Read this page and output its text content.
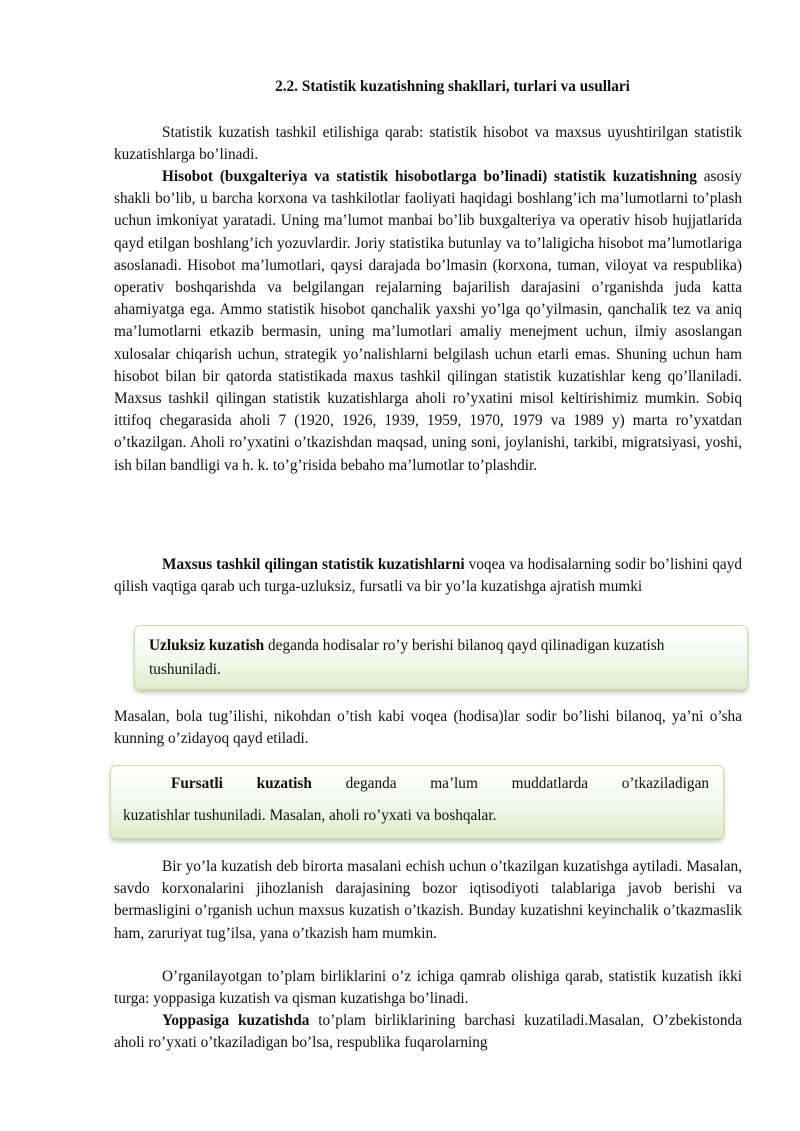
2.2. Statistik kuzatishning shakllari, turlari va usullari

Statistik kuzatish tashkil etilishiga qarab: statistik hisobot va maxsus uyushtirilgan statistik kuzatishlarga bo’linadi.

Hisobot (buxgalteriya va statistik hisobotlarga bo’linadi) statistik kuzatishning asosiy shakli bo’lib, u barcha korxona va tashkilotlar faoliyati haqidagi boshlang’ich ma’lumotlarni to’plash uchun imkoniyat yaratadi. Uning ma’lumot manbai bo’lib buxgalteriya va operativ hisob hujjatlarida qayd etilgan boshlang’ich yozuvlardir. Joriy statistika butunlay va to’laligicha hisobot ma’lumotlariga asoslanadi. Hisobot ma’lumotlari, qaysi darajada bo’lmasin (korxona, tuman, viloyat va respublika) operativ boshqarishda va belgilangan rejalarning bajarilish darajasini o’rganishda juda katta ahamiyatga ega. Ammo statistik hisobot qanchalik yaxshi yo’lga qo’yilmasin, qanchalik tez va aniq ma’lumotlarni etkazib bermasin, uning ma’lumotlari amaliy menejment uchun, ilmiy asoslangan xulosalar chiqarish uchun, strategik yo’nalishlarni belgilash uchun etarli emas. Shuning uchun ham hisobot bilan bir qatorda statistikada maxus tashkil qilingan statistik kuzatishlar keng qo’llaniladi. Maxsus tashkil qilingan statistik kuzatishlarga aholi ro’yxatini misol keltirishimiz mumkin. Sobiq ittifoq chegarasida aholi 7 (1920, 1926, 1939, 1959, 1970, 1979 va 1989 y) marta ro’yxatdan o’tkazilgan. Aholi ro’yxatini o’tkazishdan maqsad, uning soni, joylanishi, tarkibi, migratsiyasi, yoshi, ish bilan bandligi va h. k. to’g’risida bebaho ma’lumotlar to’plashdir.

Maxsus tashkil qilingan statistik kuzatishlarni voqea va hodisalarning sodir bo’lishini qayd qilish vaqtiga qarab uch turga-uzluksiz, fursatli va bir yo’la kuzatishga ajratish mumki

Uzluksiz kuzatish deganda hodisalar ro’y berishi bilanoq qayd qilinadigan kuzatish tushuniladi.

Masalan, bola tug’ilishi, nikohdan o’tish kabi voqea (hodisa)lar sodir bo’lishi bilanoq, ya’ni o’sha kunning o’zidayoq qayd etiladi.

Fursatli kuzatish deganda ma’lum muddatlarda o’tkaziladigan
kuzatishlar tushuniladi. Masalan, aholi ro’yxati va boshqalar.

Bir yo’la kuzatish deb birorta masalani echish uchun o’tkazilgan kuzatishga aytiladi. Masalan, savdo korxonalarini jihozlanish darajasining bozor iqtisodiyoti talablariga javob berishi va bermasligini o’rganish uchun maxsus kuzatish o’tkazish. Bunday kuzatishni keyinchalik o’tkazmaslik ham, zaruriyat tug’ilsa, yana o’tkazish ham mumkin.

O’rganilayotgan to’plam birliklarini o’z ichiga qamrab olishiga qarab, statistik kuzatish ikki turga: yoppasiga kuzatish va qisman kuzatishga bo’linadi.

Yoppasiga kuzatishda to’plam birliklarining barchasi kuzatiladi.Masalan, O’zbekistonda aholi ro’yxati o’tkaziladigan bo’lsa, respublika fuqarolarning
